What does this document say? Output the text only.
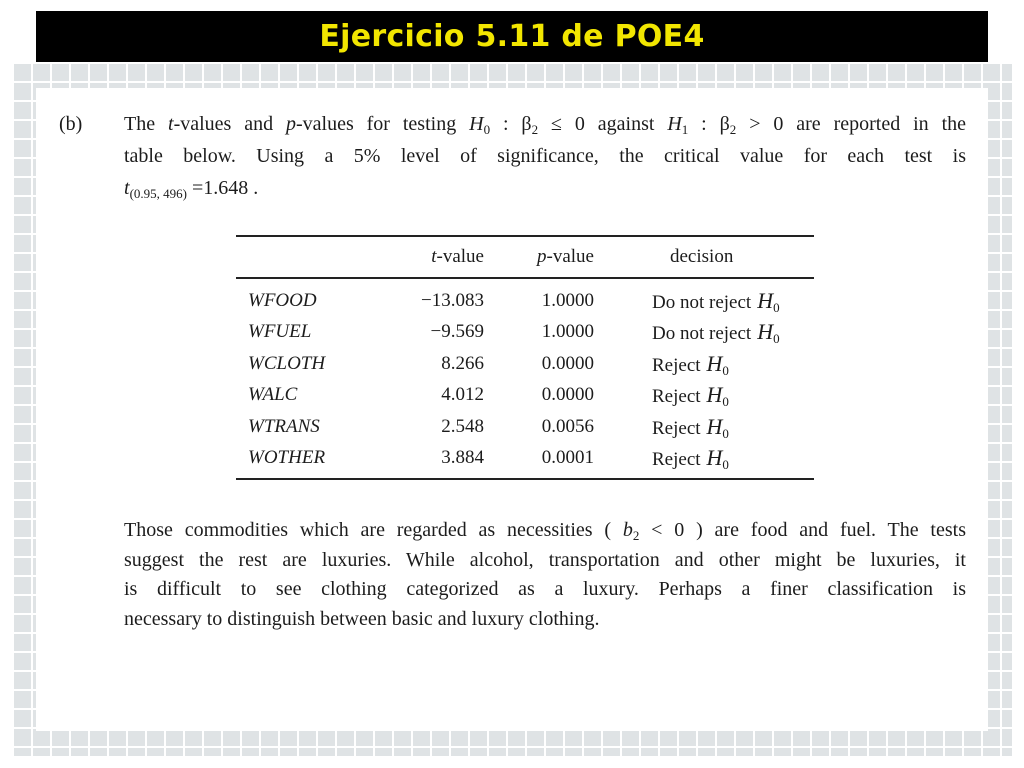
Ejercicio 5.11 de POE4
(b) The t-values and p-values for testing $H_0$ : $\beta_2 \le 0$ against $H_1$ : $\beta_2 > 0$ are reported in the
table below. Using a 5% level of significance, the critical value for each test is
$t_{(0.95, 496)} =1.648$ .
	t-value	p-value	decision
WFOOD	−13.083	1.0000	Do not reject $H_0$
WFUEL	−9.569	1.0000	Do not reject $H_0$
WCLOTH	8.266	0.0000	Reject $H_0$
WALC	4.012	0.0000	Reject $H_0$
WTRANS	2.548	0.0056	Reject $H_0$
WOTHER	3.884	0.0001	Reject $H_0$
Those commodities which are regarded as necessities ( $b_2 < 0$ ) are food and fuel. The tests
suggest the rest are luxuries. While alcohol, transportation and other might be luxuries, it
is difficult to see clothing categorized as a luxury. Perhaps a finer classification is
necessary to distinguish between basic and luxury clothing.
